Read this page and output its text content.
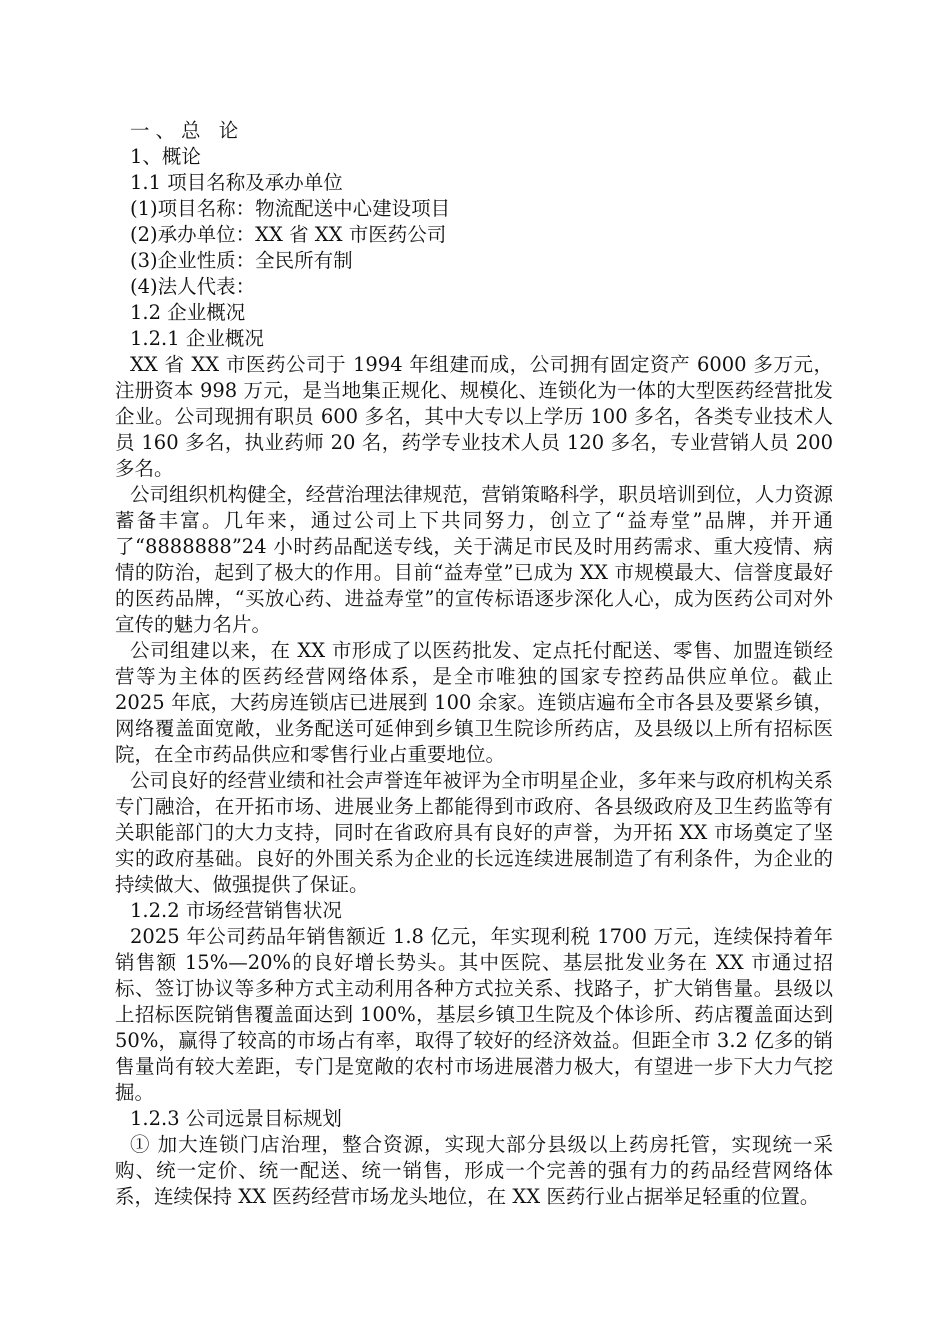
一、总 论

1、概论

1.1 项目名称及承办单位

(1)项目名称：物流配送中心建设项目

(2)承办单位：XX 省 XX 市医药公司

(3)企业性质：全民所有制

(4)法人代表：

1.2 企业概况

1.2.1 企业概况

XX 省 XX 市医药公司于 1994 年组建而成，公司拥有固定资产 6000 多万元，注册资本 998 万元，是当地集正规化、规模化、连锁化为一体的大型医药经营批发企业。公司现拥有职员 600 多名，其中大专以上学历 100 多名，各类专业技术人员 160 多名，执业药师 20 名，药学专业技术人员 120 多名，专业营销人员 200 多名。

公司组织机构健全，经营治理法律规范，营销策略科学，职员培训到位，人力资源蓄备丰富。几年来，通过公司上下共同努力，创立了“益寿堂”品牌，并开通了“8888888”24 小时药品配送专线，关于满足市民及时用药需求、重大疫情、病情的防治，起到了极大的作用。目前“益寿堂”已成为 XX 市规模最大、信誉度最好的医药品牌，“买放心药、进益寿堂”的宣传标语逐步深化人心，成为医药公司对外宣传的魅力名片。

公司组建以来，在 XX 市形成了以医药批发、定点托付配送、零售、加盟连锁经营等为主体的医药经营网络体系，是全市唯独的国家专控药品供应单位。截止 2025 年底，大药房连锁店已进展到 100 余家。连锁店遍布全市各县及要紧乡镇，网络覆盖面宽敞，业务配送可延伸到乡镇卫生院诊所药店，及县级以上所有招标医院，在全市药品供应和零售行业占重要地位。

公司良好的经营业绩和社会声誉连年被评为全市明星企业，多年来与政府机构关系专门融洽，在开拓市场、进展业务上都能得到市政府、各县级政府及卫生药监等有关职能部门的大力支持，同时在省政府具有良好的声誉，为开拓 XX 市场奠定了坚实的政府基础。良好的外围关系为企业的长远连续进展制造了有利条件，为企业的持续做大、做强提供了保证。

1.2.2 市场经营销售状况

2025 年公司药品年销售额近 1.8 亿元，年实现利税 1700 万元，连续保持着年销售额 15%—20%的良好增长势头。其中医院、基层批发业务在 XX 市通过招标、签订协议等多种方式主动利用各种方式拉关系、找路子，扩大销售量。县级以上招标医院销售覆盖面达到 100%，基层乡镇卫生院及个体诊所、药店覆盖面达到 50%，赢得了较高的市场占有率，取得了较好的经济效益。但距全市 3.2 亿多的销售量尚有较大差距，专门是宽敞的农村市场进展潜力极大，有望进一步下大力气挖掘。

1.2.3 公司远景目标规划

① 加大连锁门店治理，整合资源，实现大部分县级以上药房托管，实现统一采购、统一定价、统一配送、统一销售，形成一个完善的强有力的药品经营网络体系，连续保持 XX 医药经营市场龙头地位，在 XX 医药行业占据举足轻重的位置。
